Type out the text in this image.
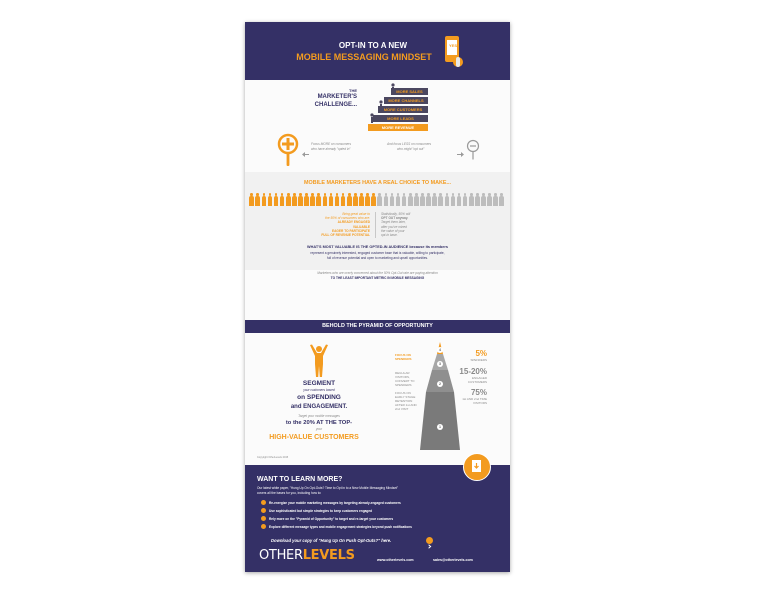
OPT-IN TO A NEW
MOBILE MESSAGING MINDSET
YES
THE
MARKETER'S
CHALLENGE...
MORE SALES
MORE CHANNELS
MORE CUSTOMERS
MORE LEADS
MORE REVENUE
Focus MORE on consumers
who have already "opted in"
And focus LESS on consumers
who might "opt out"
MOBILE MARKETERS HAVE A REAL CHOICE TO MAKE...
Bring great value to
the 50% of consumers who are:
ALREADY ENGAGED
VALUABLE
EAGER TO PARTICIPATE
FULL OF REVENUE POTENTIAL
Statistically, 50% will
OPT OUT anyway.
Target them later,
after you've mined
the value of your
opt-in base.
WHAT'S MOST VALUABLE IS THE OPTED-IN AUDIENCE because its members
represent a genuinely interested, engaged customer base that is valuable, willing to participate,
full of revenue potential and open to marketing and upsell opportunities.
Marketers who are overly concerned about the 50% Opt-Out rate are paying attention
TO THE LEAST IMPORTANT METRIC IN MOBILE MESSAGING
BEHOLD THE PYRAMID OF OPPORTUNITY
SEGMENT
your customers based
on SPENDING
and ENGAGEMENT.
Target your mobile messages
to the 20% AT THE TOP-
your
HIGH-VALUE CUSTOMERS
FOCUS ON SPENDERS
REGULAR VISITORS, CONVERT TO SPENDERS
FOCUS ON EARLY STAGE RETENTION AFTER 1st AND 2nd VISIT
4
3
2
1
5%
SPENDERS
15-20%
ENGAGED CUSTOMERS
75%
1st AND 2nd TIME VISITORS
Copyright OtherLevels 2015
WANT TO LEARN MORE?
Our latest white paper, "Hung Up On Opt-Outs? Time to Opt in to a New Mobile Messaging Mindset"
covers all the bases for you, including how to:
Re-energize your mobile marketing messages by targeting already-engaged customers
Use sophisticated but simple strategies to keep customers engaged
Rely more on the "Pyramid of Opportunity" to target and re-target your customers
Explore different message types and mobile engagement strategies beyond push notifications
Download your copy of "Hung Up On Push Opt-Outs?" here.
OTHERLEVELS	www.otherlevels.com	sales@otherlevels.com
